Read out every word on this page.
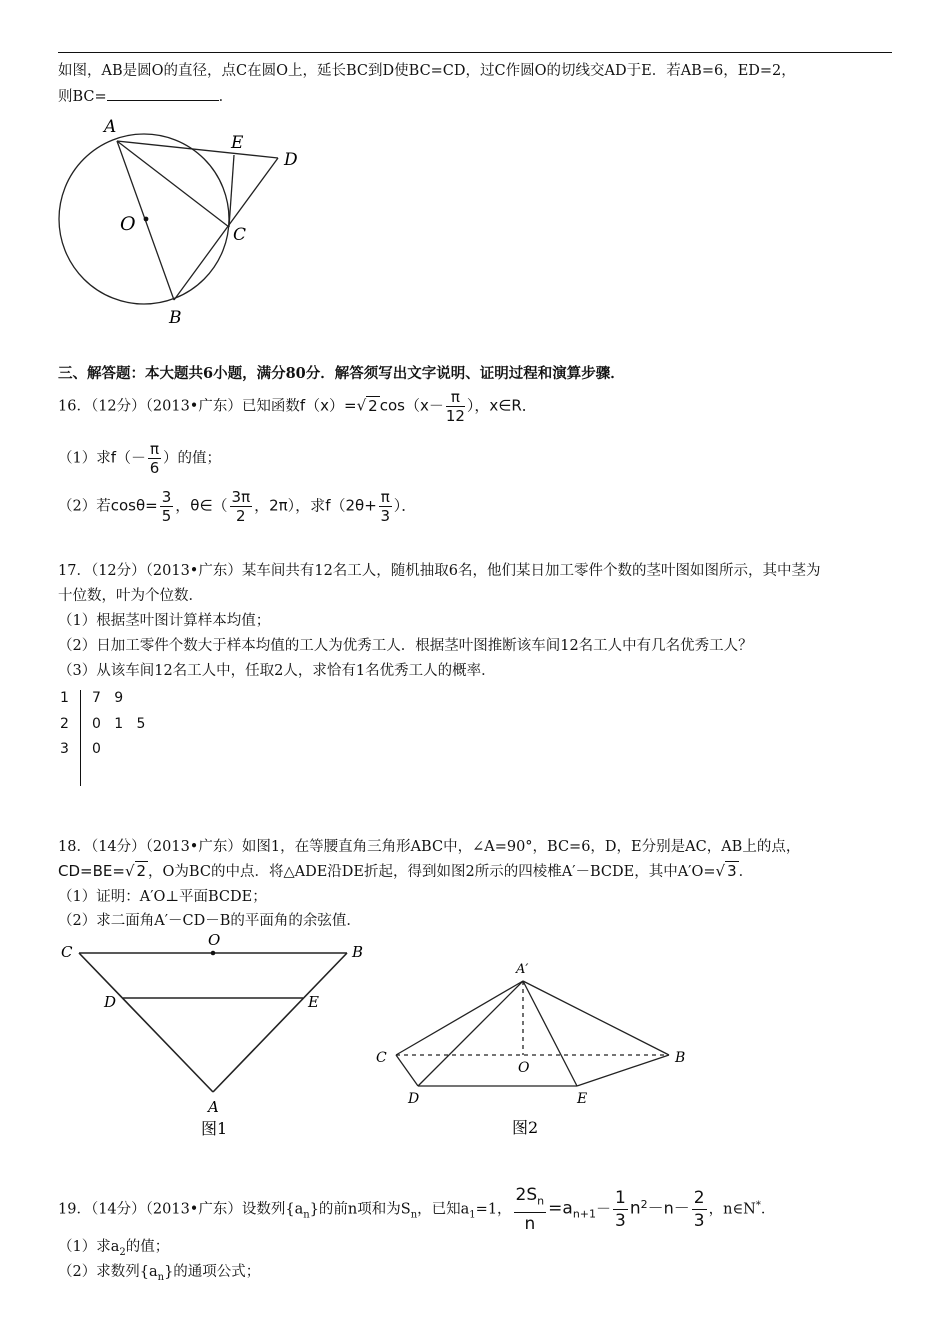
如图，AB是圆O的直径，点C在圆O上，延长BC到D使BC=CD，过C作圆O的切线交AD于E．若AB=6，ED=2，
则BC=	．
A
E
D
O	C
B
三、解答题：本大题共6小题，满分80分．解答须写出文字说明、证明过程和演算步骤．
16．（12分）（2013•广东）已知函数f（x）=√ 2 $\cos(x- \frac{\pi}{12}$ ），x∈R．
（1）求$f(- \frac{\pi}{6}$ ）的值；
（2）若$\cos\theta= \frac{3}{5}$ ，θ∈（ $\frac{3\pi}{2}$ ，2π），求$f(2\theta+ \frac{\pi}{3}$ ）．
17．（12分）（2013•广东）某车间共有12名工人，随机抽取6名，他们某日加工零件个数的茎叶图如图所示，其中茎为
十位数，叶为个位数．
（1）根据茎叶图计算样本均值；
（2）日加工零件个数大于样本均值的工人为优秀工人．根据茎叶图推断该车间12名工人中有几名优秀工人？
（3）从该车间12名工人中，任取2人，求恰有1名优秀工人的概率．
1 7   9
2 0   1   5
3 0
18．（14分）（2013•广东）如图1，在等腰直角三角形ABC中，∠A=90°，BC=6，D，E分别是AC，AB上的点，
CD=BE=√ 2 ，O为BC的中点．将△ADE沿DE折起，得到如图2所示的四棱椎A′－BCDE，其中A′O=√ 3 ．
（1）证明：A′O⊥平面BCDE；
（2）求二面角A′－CD－B的平面角的余弦值．
C
O
B
D	E
A
图1
A′
C
O
B
D	E
图2
19．（14分）（2013•广东）设数列$\{a_n\}$的前n项和为$S_n$，已知$a_1=1$， $\frac{2S_n}{n} =a_{n+1}- \frac{1}{3} n^2-n- \frac{2}{3}$ ，n∈N*．
（1）求$a_2$的值；
（2）求数列$\{a_n\}$的通项公式；
